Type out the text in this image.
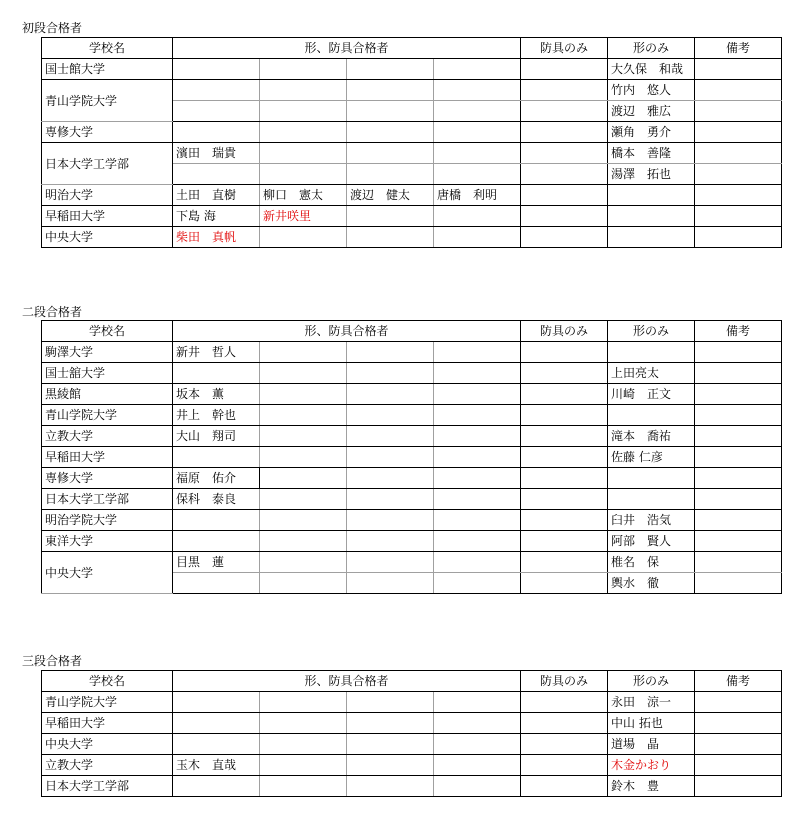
初段合格者
学校名	形、防具合格者				防具のみ	形のみ	備考
国士館大学						大久保　和哉	
青山学院大学						竹内　悠人	
						渡辺　雅広	
専修大学						瀬角　勇介	
日本大学工学部	濱田　瑞貴					橋本　善隆	
						湯澤　拓也	
明治大学	土田　直樹	柳口　憲太	渡辺　健太	唐橋　利明			
早稲田大学	下島 海	新井咲里					
中央大学	柴田　真帆						
二段合格者
学校名	形、防具合格者				防具のみ	形のみ	備考
駒澤大学	新井　哲人						
国士舘大学						上田亮太	
黒綾館	坂本　薫					川崎　正文	
青山学院大学	井上　幹也						
立教大学	大山　翔司					滝本　喬祐	
早稲田大学						佐藤 仁彦	
専修大学	福原　佑介						
日本大学工学部	保科　泰良						
明治学院大学						臼井　浩気	
東洋大学						阿部　賢人	
中央大学	目黒　蓮					椎名　保	
						輿水　徹	
三段合格者
学校名	形、防具合格者				防具のみ	形のみ	備考
青山学院大学						永田　涼一	
早稲田大学						中山 拓也	
中央大学						道場　晶	
立教大学	玉木　直哉					木金かおり	
日本大学工学部						鈴木　豊	
